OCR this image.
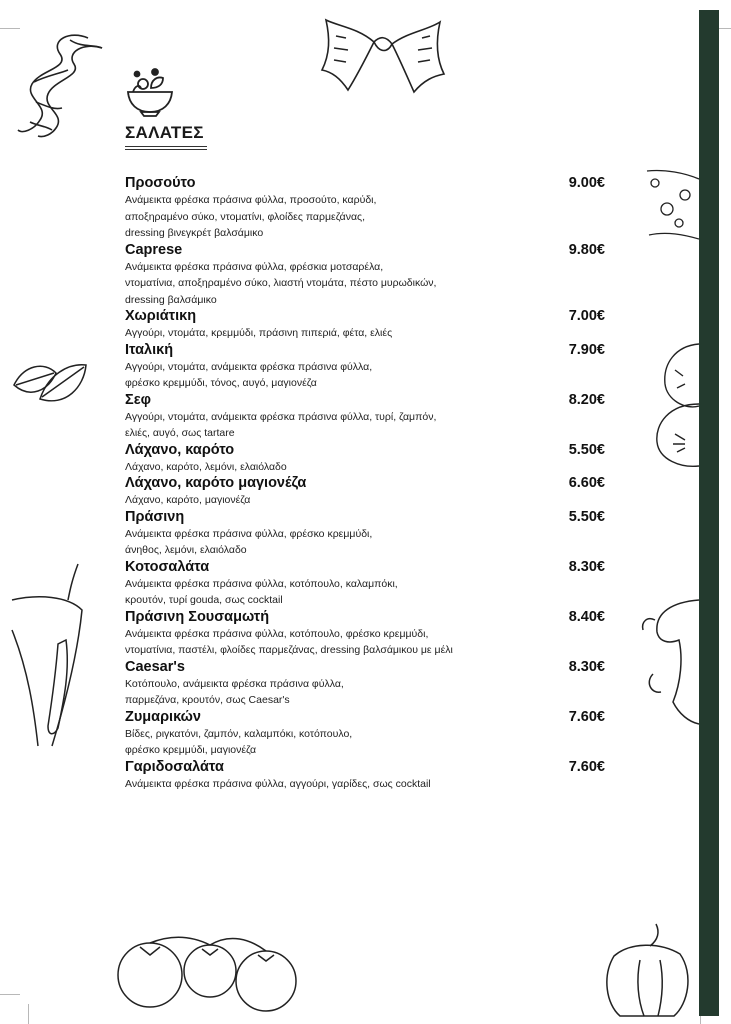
ΣΑΛΑΤΕΣ
Προσούτο	9.00€
Ανάμεικτα φρέσκα πράσινα φύλλα, προσούτο, καρύδι,
αποξηραμένο σύκο, ντοματίνι, φλοίδες παρμεζάνας,
dressing βινεγκρέτ βαλσάμικο
Caprese	9.80€
Ανάμεικτα φρέσκα πράσινα φύλλα, φρέσκια μοτσαρέλα,
ντοματίνια, αποξηραμένο σύκο, λιαστή ντομάτα, πέστο μυρωδικών,
dressing βαλσάμικο
Χωριάτικη	7.00€
Αγγούρι, ντομάτα, κρεμμύδι, πράσινη πιπεριά, φέτα, ελιές
Ιταλική	7.90€
Αγγούρι, ντομάτα, ανάμεικτα φρέσκα πράσινα φύλλα,
φρέσκο κρεμμύδι, τόνος, αυγό, μαγιονέζα
Σεφ	8.20€
Αγγούρι, ντομάτα, ανάμεικτα φρέσκα πράσινα φύλλα, τυρί, ζαμπόν,
ελιές, αυγό, σως tartare
Λάχανο, καρότο	5.50€
Λάχανο, καρότο, λεμόνι, ελαιόλαδο
Λάχανο, καρότο μαγιονέζα	6.60€
Λάχανο, καρότο, μαγιονέζα
Πράσινη	5.50€
Ανάμεικτα φρέσκα πράσινα φύλλα, φρέσκο κρεμμύδι,
άνηθος, λεμόνι, ελαιόλαδο
Κοτοσαλάτα	8.30€
Ανάμεικτα φρέσκα πράσινα φύλλα, κοτόπουλο, καλαμπόκι,
κρουτόν, τυρί gouda, σως cocktail
Πράσινη Σουσαμωτή	8.40€
Ανάμεικτα φρέσκα πράσινα φύλλα, κοτόπουλο, φρέσκο κρεμμύδι,
ντοματίνια, παστέλι, φλοίδες παρμεζάνας, dressing βαλσάμικου με μέλι
Caesar's	8.30€
Κοτόπουλο, ανάμεικτα φρέσκα πράσινα φύλλα,
παρμεζάνα, κρουτόν, σως Caesar's
Ζυμαρικών	7.60€
Βίδες, ριγκατόνι, ζαμπόν, καλαμπόκι, κοτόπουλο,
φρέσκο κρεμμύδι, μαγιονέζα
Γαριδοσαλάτα	7.60€
Ανάμεικτα φρέσκα πράσινα φύλλα, αγγούρι, γαρίδες, σως cocktail
